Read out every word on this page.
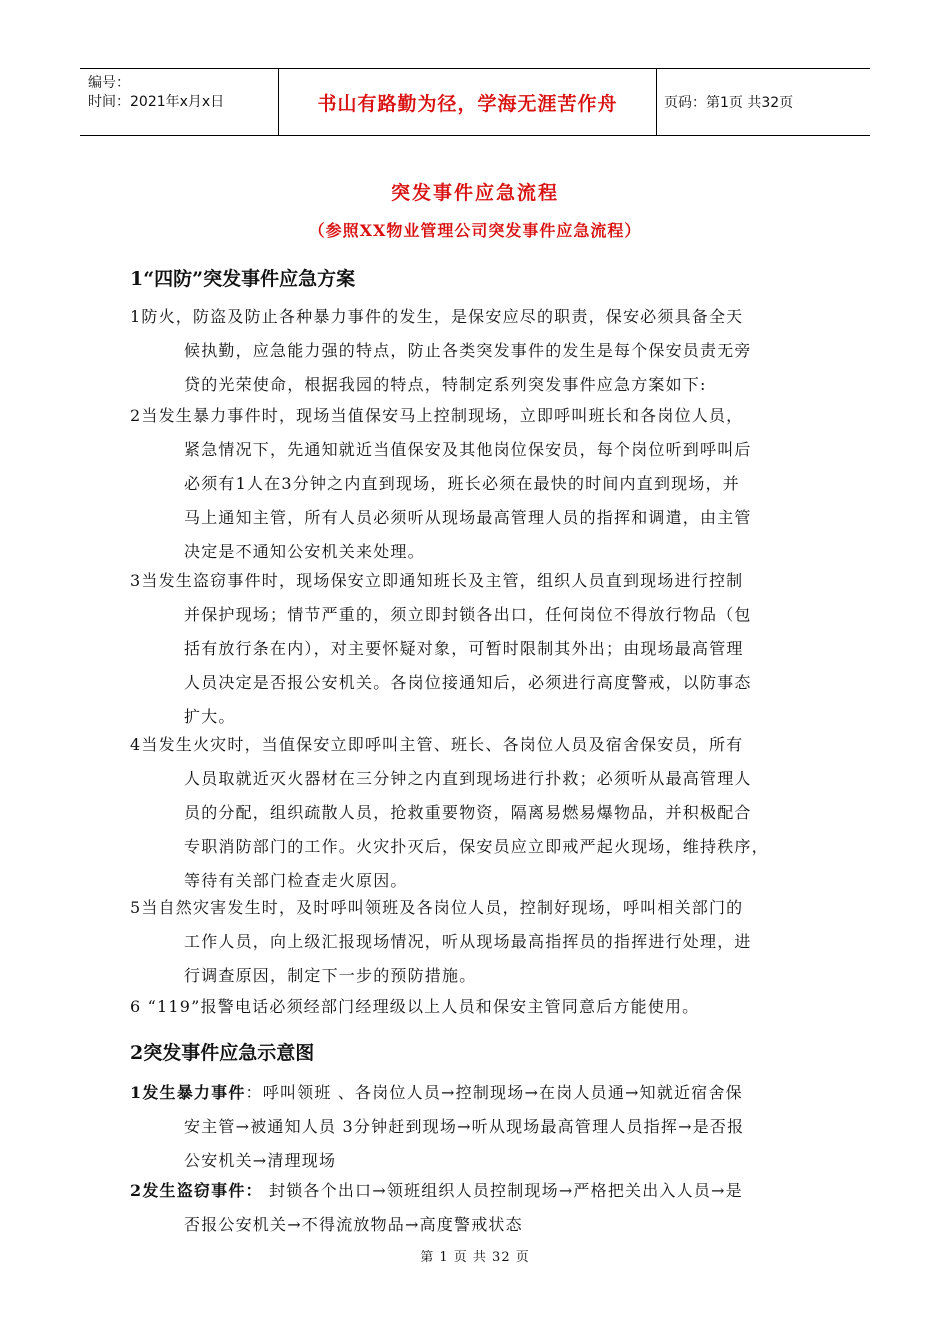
编号：
时间：2021年x月x日	书山有路勤为径，学海无涯苦作舟	页码：第1页 共32页
突发事件应急流程
（参照XX物业管理公司突发事件应急流程）
1“四防”突发事件应急方案
1防火，防盗及防止各种暴力事件的发生，是保安应尽的职责，保安必须具备全天
候执勤，应急能力强的特点，防止各类突发事件的发生是每个保安员责无旁
贷的光荣使命，根据我园的特点，特制定系列突发事件应急方案如下:
2当发生暴力事件时，现场当值保安马上控制现场，立即呼叫班长和各岗位人员，
紧急情况下，先通知就近当值保安及其他岗位保安员，每个岗位听到呼叫后
必须有1人在3分钟之内直到现场，班长必须在最快的时间内直到现场，并
马上通知主管，所有人员必须听从现场最高管理人员的指挥和调遣，由主管
决定是不通知公安机关来处理。
3当发生盗窃事件时，现场保安立即通知班长及主管，组织人员直到现场进行控制
并保护现场；情节严重的，须立即封锁各出口，任何岗位不得放行物品（包
括有放行条在内），对主要怀疑对象，可暂时限制其外出；由现场最高管理
人员决定是否报公安机关。各岗位接通知后，必须进行高度警戒，以防事态
扩大。
4当发生火灾时，当值保安立即呼叫主管、班长、各岗位人员及宿舍保安员，所有
人员取就近灭火器材在三分钟之内直到现场进行扑救；必须听从最高管理人
员的分配，组织疏散人员，抢救重要物资，隔离易燃易爆物品，并积极配合
专职消防部门的工作。火灾扑灭后，保安员应立即戒严起火现场，维持秩序，
等待有关部门检查走火原因。
5当自然灾害发生时，及时呼叫领班及各岗位人员，控制好现场，呼叫相关部门的
工作人员，向上级汇报现场情况，听从现场最高指挥员的指挥进行处理，进
行调查原因，制定下一步的预防措施。
6 “119”报警电话必须经部门经理级以上人员和保安主管同意后方能使用。
2突发事件应急示意图
1发生暴力事件：呼叫领班 、各岗位人员→控制现场→在岗人员通→知就近宿舍保
安主管→被通知人员 3分钟赶到现场→听从现场最高管理人员指挥→是否报
公安机关→清理现场
2发生盗窃事件： 封锁各个出口→领班组织人员控制现场→严格把关出入人员→是
否报公安机关→不得流放物品→高度警戒状态
第 1 页 共 32 页
